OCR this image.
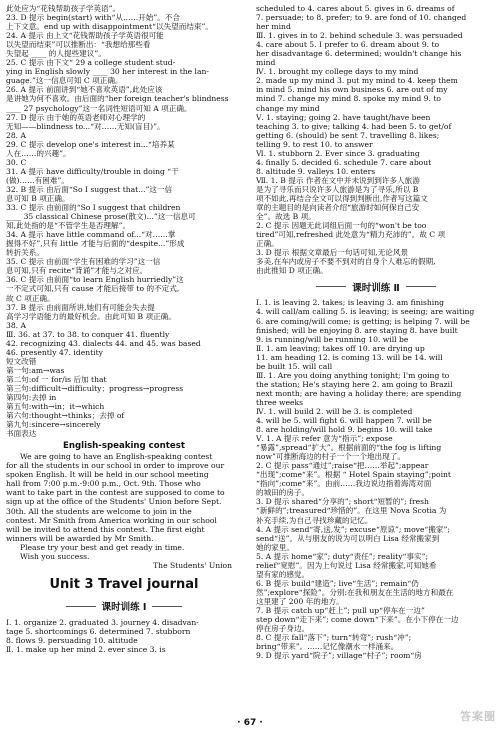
此处应为“花钱帮助孩子学英语”。
23. D 提示 begin(start) with“从……开始”。不合
上下文意。end up with disappointment“以失望而结束”。
24. A 提示 由上文“花钱帮助孩子学英语很可能
以失望而结束”可以推断出：“我想给那些看
失望起 ____ 的人提些建议”。
25. C 提示 由下文“ 29 a college student stud-
ying in English slowly ____ 30 her interest in the lan-
guage.”这一信息可知 C 项正确。
26. A 提示 前面讲到“她不喜欢英语”,此处应该
是讲她为何不喜欢。由后面的“her foreign teacher's blindness
____ 27 psychology”这一名词性短语可知 A 项正确。
27. D 提示 由于她的英语老师对心理学的
无知——blindness to...“对……无知(盲目)”。
28. A
29. C 提示 develop one's interest in...“培养某
人在……的兴趣”。
30. C
31. A 提示 have difficulty/trouble in doing “干
(做)……有困难”。
32. B 提示 由后面“So I suggest that...”这一信
息可知 B 项正确。
33. C 提示 由前面的“So I suggest that children
____ 35 classical Chinese prose(散文)...”这一信息可
知,此处指的是“不管学生是否理解”。
34. A 提示 have little command of...“对……掌
握得不好”,只有 little 才能与后面的“despite...”形成
转折关系。
35. C 提示 由前面“学生有困难的学习”这一信
息可知,只有 recite“背诵”才能与之对应。
36. C 提示 由前面“to learn English hurriedly”这
一不定式可知,只有 cause 才能后接带 to 的不定式,
故 C 项正确。
37. B 提示 由前面所讲,她们有可能会失去提
高学习学语能力的最好机会。由此可知 B 项正确。
38. A
Ⅲ. 36. at 37. to 38. to conquer 41. fluently
42. recognizing 43. dialects 44. and 45. was based
46. presently 47. identity
短文改错
第一句:am→was
第二句:of 一 for/is 后加 that
第三句:difficult→difficulty；progress→progress
第四句:去掉 in
第五句:with→in；it→which
第六句:thought→thinks；去掉 of
第九句:sincere→sincerely
书面表达
English-speaking contest
We are going to have an English-speaking contest
for all the students in our school in order to improve our
spoken English. It will be held in our school meeting
hall from 7:00 p.m.-9:00 p.m., Oct. 9th. Those who
want to take part in the contest are supposed to come to
sign up at the office of the Students' Union before Sept.
30th. All the students are welcome to join in the
contest. Mr Smith from America working in our school
will be invited to attend this contest. The first eight
winners will be awarded by Mr Smith.
Please try your best and get ready in time.
Wish you success.
The Students' Union
Unit 3 Travel journal
课时训练 Ⅰ
Ⅰ. 1. organize 2. graduated 3. journey 4. disadvan-
tage 5. shortcomings 6. determined 7. stubborn
8. flows 9. persuading 10. altitude
Ⅱ. 1. make up her mind 2. ever since 3. is
scheduled to 4. cares about 5. gives in 6. dreams of
7. persuade; to 8. prefer; to 9. are fond of 10. changed
her mind
Ⅲ. 1. gives in to 2. behind schedule 3. was persuaded
4. care about 5. I prefer to 6. dream about 9. to
her disadvantage 6. determined; wouldn't change his
mind
Ⅳ. 1. brought my college days to my mind
2. made up my mind 3. put my mind to 4. keep them
in mind 5. mind his own business 6. are out of my
mind 7. change my mind 8. spoke my mind 9. to
change my mind
Ⅴ. 1. staying; going 2. have taught/have been
teaching 3. to give; talking 4. had been 5. to get/of
getting 6. (should) be sent 7. travelling 8. likes;
telling 9. to rest 10. to answer
Ⅵ. 1. stubborn 2. Ever since 3. graduating
4. finally 5. decided 6. schedule 7. care about
8. altitude 9. valleys 10. enters
Ⅶ. 1. B 提示 作者在文中并未说到到许多人旅游
是为了寻乐而只说许多人旅游是为了寻乐,所以 B
项不如此,再结合全文可以得到判断出,作者写这篇文
章的主题目的是向读者介绍“旅游时如何保自己安
全”。故选 B 项。
2. C 提示 因题无此词组后面一句的“won't be too
tired”可知,refreshed 此处意为“精力充沛的”。故 C 项
正确。
3. D 提示 根据文章最后一句话可知,无论风景
多美,在车内或房子不要不到对的自身个人难忘的假期,
由此推知 D 项正确。
课时训练 Ⅱ
Ⅰ. 1. is leaving 2. takes; is leaving 3. am finishing
4. will call/am calling 5. is leaving; is seeing; are waiting
6. are coming/will come; is getting; is helping 7. will be
finished; will be enjoying 8. are staying 8. have built
9. is running/will be running 10. will be
Ⅱ. 1. am leaving; takes off 10. are drying up
11. am heading 12. is coming 13. will be 14. will
be built 15. will call
Ⅲ. 1. Are you doing anything tonight; I'm going to
the station; He's staying here 2. am going to Brazil
next month; are having a holiday there; are spending
three weeks
Ⅳ. 1. will build 2. will be 3. is completed
4. will be 5. will fight 6. will happen 7. will be
8. are holding/will hold 9. begins 10. will take
Ⅴ. 1. A 提示 refer 意为“指示”; expose
“暴露”,spread“扩大”。根据前面的“the fog is lifting
now”可推断海边的村子一个一个地出现了。
2. C 提示 pass“通过”;raise“把……举起”;appear
“出现”;come“来”。根据 “ Hotel Spain staying”;point
“指向”;come“来”。由前……我边说边指着海湾对面
的城田的房子。
3. D 提示 shared“分享的”; short“短暂的”; fresh
“新鲜的”;treasured“珍惜的”。在这里 Nova Scotia 为
补充手续,为自己寻找珍藏的记忆。
4. A 提示 send“寄,送,发”; excuse“原谅”; move“搬家”;
send“送”。从与朋友的说为可以明白 Lisa 经常搬家到
她的家里。
5. A 提示 home“家”; duty“责任”; reality“事实”;
relief“宽慰”。因为上句说过 Lisa 经常搬家,可知她希
望有家的感觉。
6. B 提示 build“建造”; live“生活”; remain“仍
然”;explore“探险”。分别:在我和朋友在生活的地方和最在
这里建了 200 年的地方。
7. B 提示 catch up“赶上”; pull up“停车在一边”
step down“走下来”; come down“下来”。在小下停在一边
停在房子身边。
8. C 提示 fall“落下”; turn“转弯”; rush“冲”;
bring“带来”。……记忆像潮水一样涌来。
9. D 提示 yard“院子”; village“村子”; room“房
· 67 ·	答案圈
